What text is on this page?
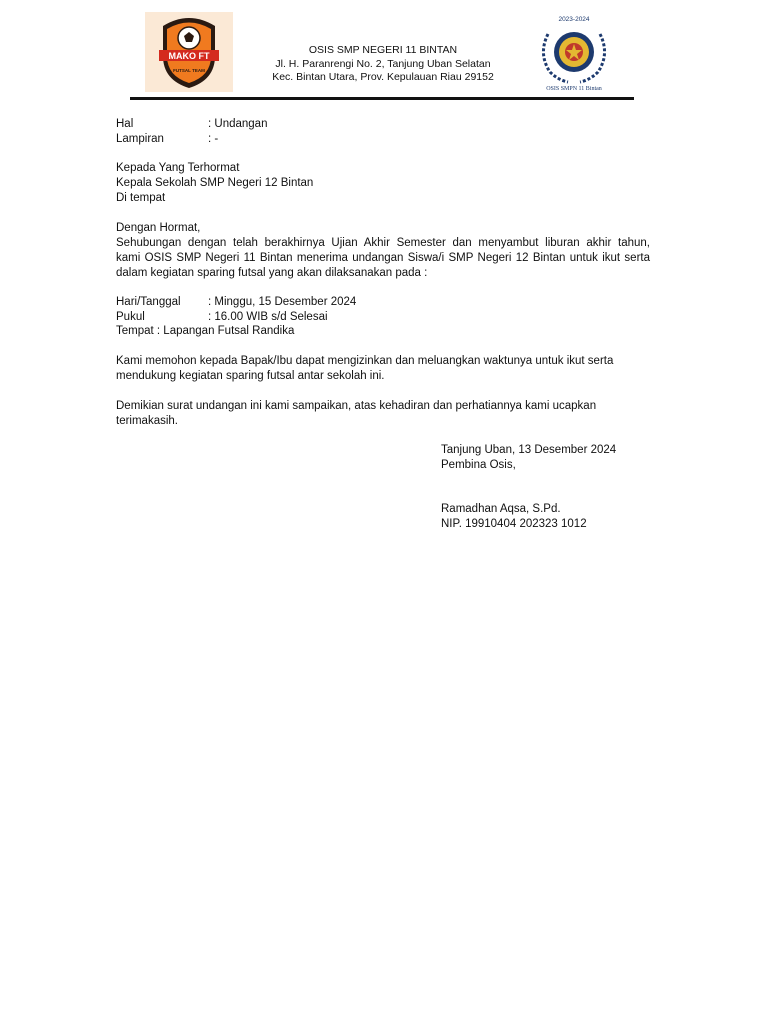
MAKO FT
FUTSAL TEAM
OSIS SMP NEGERI 11 BINTAN
Jl. H. Paranrengi No. 2, Tanjung Uban Selatan
Kec. Bintan Utara, Prov. Kepulauan Riau 29152
2023-2024
OSIS SMPN 11 Bintan
Hal	: Undangan
Lampiran	: -
Kepada Yang Terhormat
Kepala Sekolah SMP Negeri 12 Bintan
Di tempat
Dengan Hormat,
Sehubungan dengan telah berakhirnya Ujian Akhir Semester dan menyambut liburan akhir tahun,
kami OSIS SMP Negeri 11 Bintan menerima undangan Siswa/i SMP Negeri 12 Bintan untuk ikut serta
dalam kegiatan sparing futsal yang akan dilaksanakan pada :
Hari/Tanggal : Minggu, 15 Desember 2024
Pukul	: 16.00 WIB s/d Selesai
Tempat : Lapangan Futsal Randika
Kami memohon kepada Bapak/Ibu dapat mengizinkan dan meluangkan waktunya untuk ikut serta
mendukung kegiatan sparing futsal antar sekolah ini.
Demikian surat undangan ini kami sampaikan, atas kehadiran dan perhatiannya kami ucapkan
terimakasih.
Tanjung Uban, 13 Desember 2024
Pembina Osis,
Ramadhan Aqsa, S.Pd.
NIP. 19910404 202323 1012
